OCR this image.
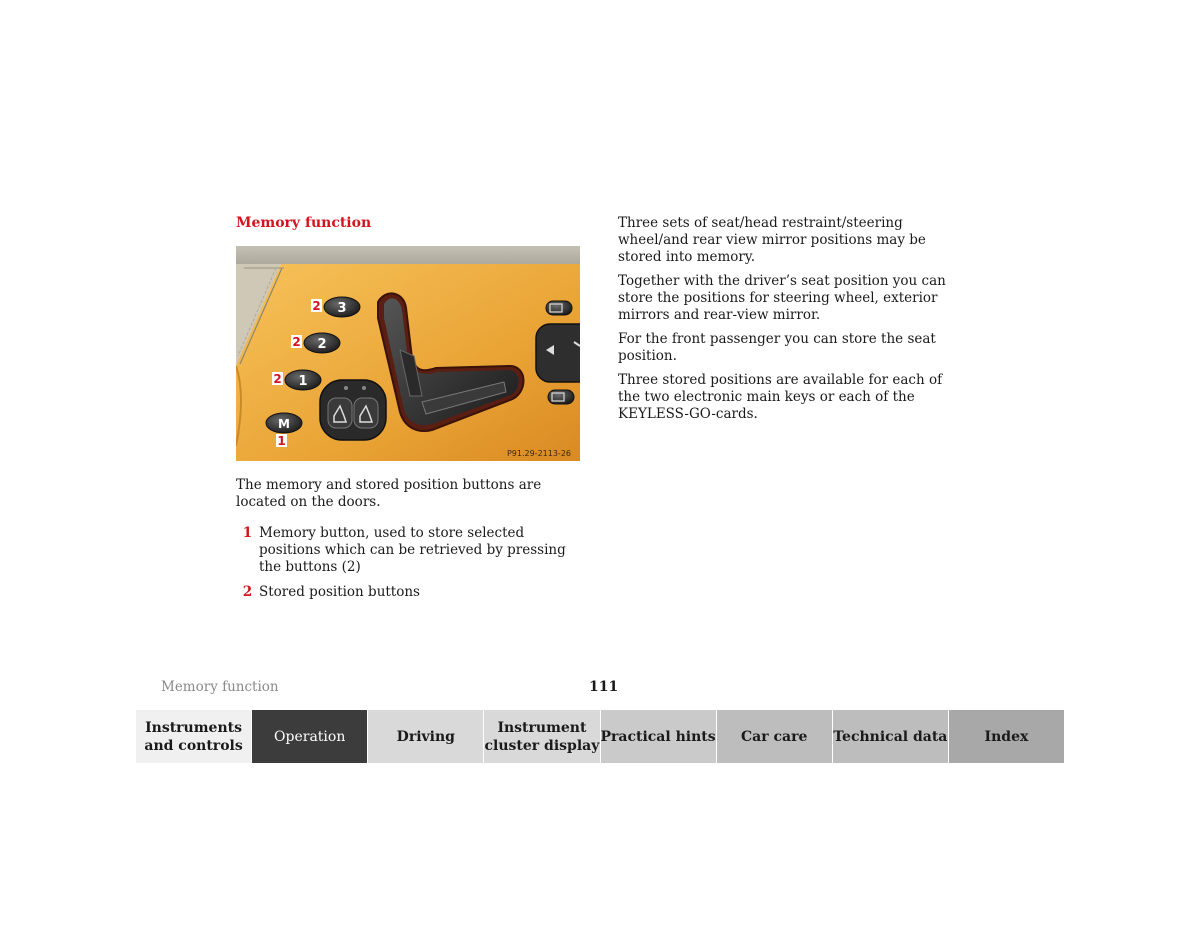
Memory function
3
2
1
M
2
2
2
1
P91.29-2113-26

The memory and stored position buttons are located on the doors.

1 Memory button, used to store selected positions which can be retrieved by pressing the buttons (2)
2 Stored position buttons

Three sets of seat/head restraint/steering wheel/and rear view mirror positions may be stored into memory.

Together with the driver’s seat position you can store the positions for steering wheel, exterior mirrors and rear-view mirror.

For the front passenger you can store the seat position.

Three stored positions are available for each of the two electronic main keys or each of the KEYLESS-GO-cards.

Memory function	111
Instruments and controls
Operation	Driving
Instrument cluster display
Practical hints	Car care	Technical data	Index
